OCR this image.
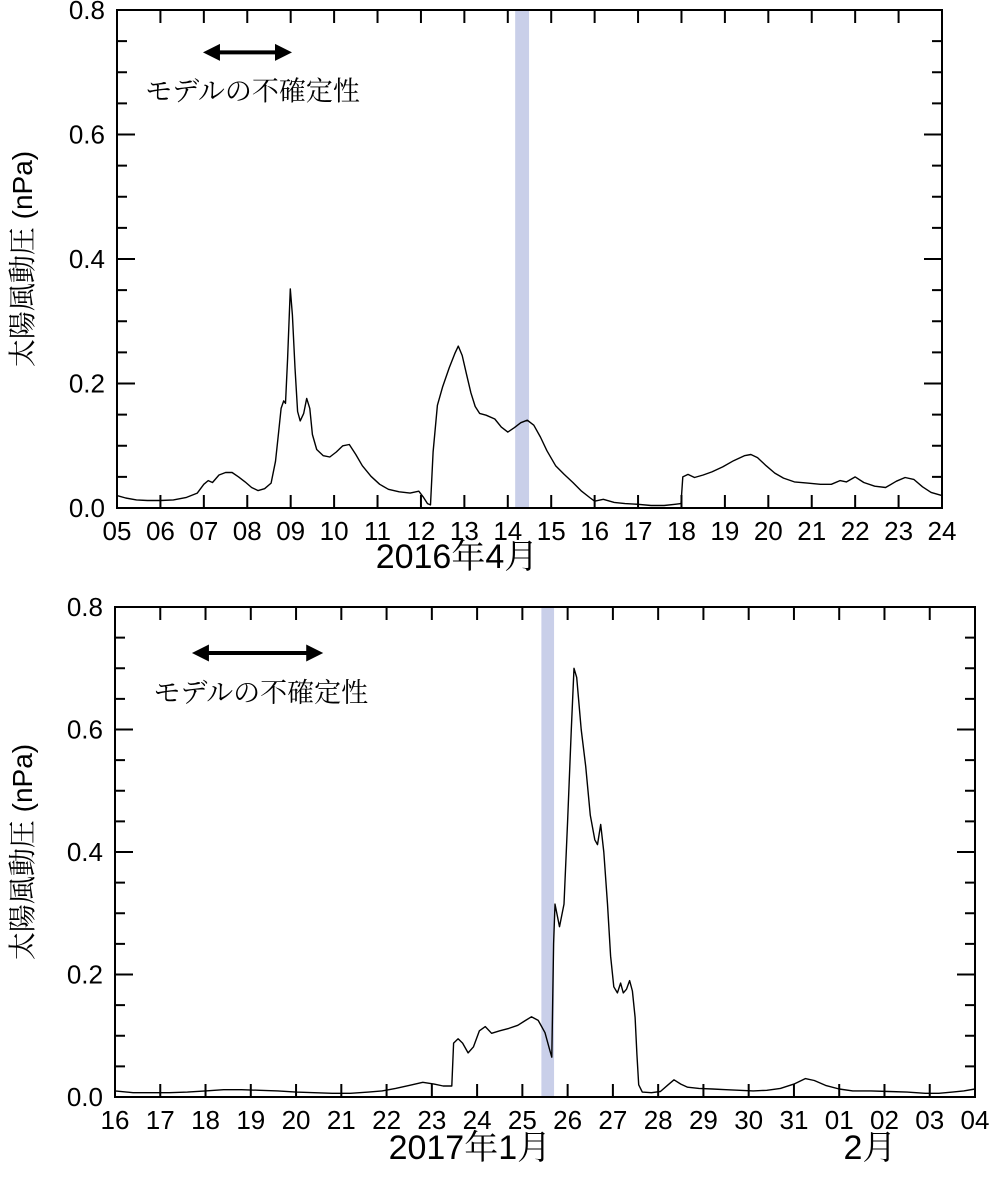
05 06 07 08 09 10 11 12 13 14 15 16 17 18 19 20 21 22 23 24
0.0
0.2
0.4
0.6
0.8
太陽風動圧 (nPa)
2016年4月
モデルの不確定性
16 17 18 19 20 21 22 23 24 25 26 27 28 29 30 31 01 02 03 04
0.0
0.2
0.4
0.6
0.8
太陽風動圧 (nPa)
2017年1月	2月
モデルの不確定性
